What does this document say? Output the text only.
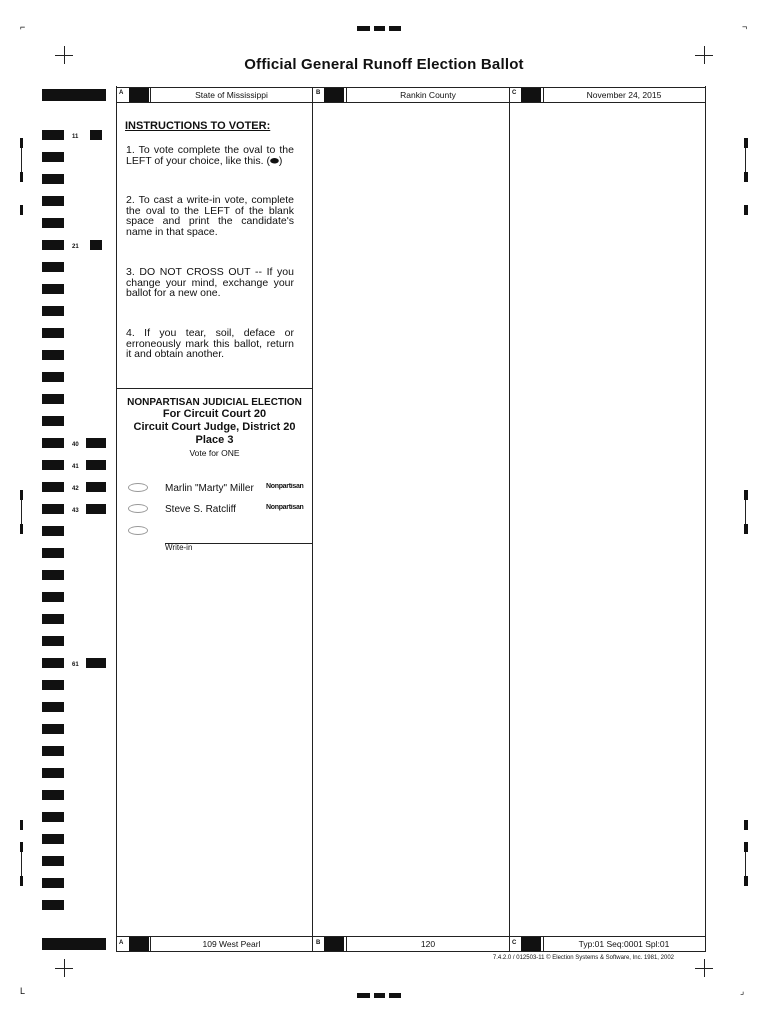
⌐	¬
L	⌟
Official General Runoff Election Ballot
11
21
40
41
42
43
61
A	State of Mississippi	B	Rankin County	C	November 24, 2015
INSTRUCTIONS TO VOTER:
1. To vote complete the oval to the LEFT of your choice, like this. (⬬)
2. To cast a write-in vote, complete the oval to the LEFT of the blank space and print the candidate's name in that space.
3. DO NOT CROSS OUT -- If you change your mind, exchange your ballot for a new one.
4. If you tear, soil, deface or erroneously mark this ballot, return it and obtain another.
NONPARTISAN JUDICIAL ELECTION
For Circuit Court 20
Circuit Court Judge, District 20
Place 3
Vote for ONE
Marlin "Marty" Miller Nonpartisan
Steve S. Ratcliff	Nonpartisan
Write-in
A	109 West Pearl	B	120	C	Typ:01 Seq:0001 Spl:01
7.4.2.0 / 012503-11 © Election Systems & Software, Inc. 1981, 2002
